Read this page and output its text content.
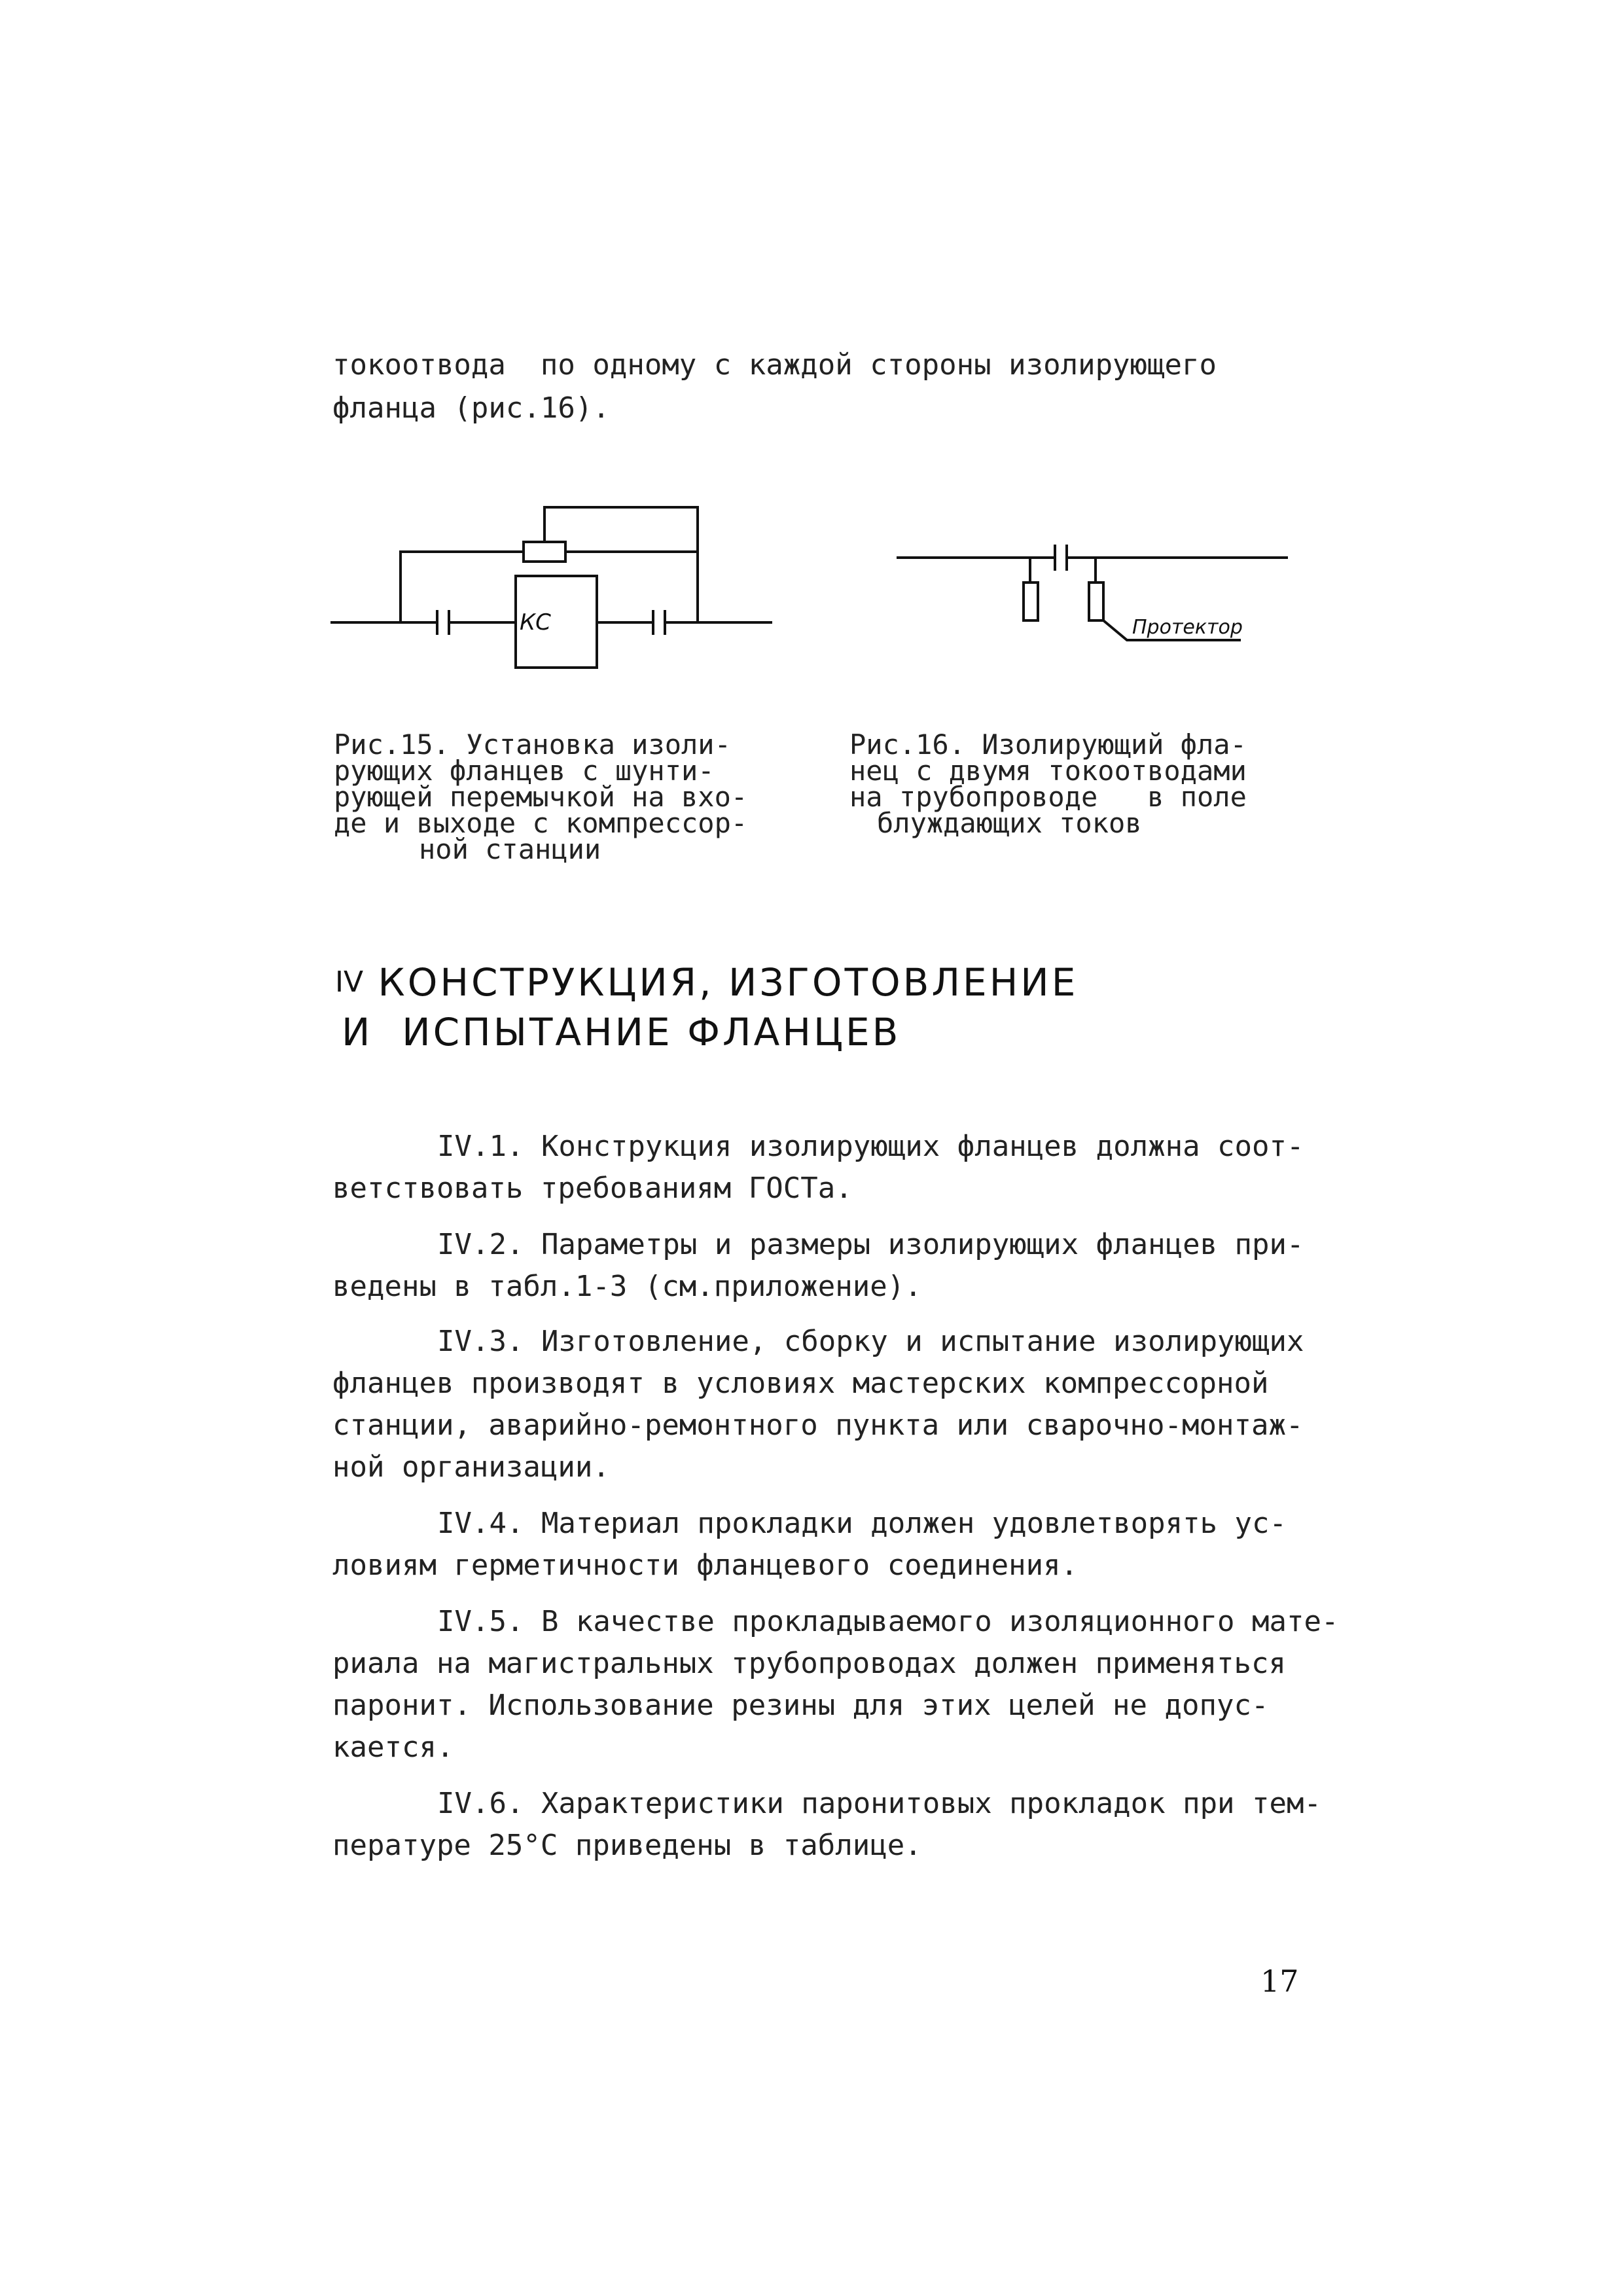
токоотвода  по одному с каждой стороны изолирующего
фланца (рис.16).
КС	Протектор
Рис.15. Установка изоли-
рующих фланцев с шунти-
рующей перемычкой на вхо-
де и выходе с компрессор-
ной станции
Рис.16. Изолирующий фла-
нец с двумя токоотводами
на трубопроводе   в поле
блуждающих токов
$^{IV}$ КОНСТРУКЦИЯ, ИЗГОТОВЛЕНИЕ
И ИСПЫТАНИЕ ФЛАНЦЕВ
IV.1. Конструкция изолирующих фланцев должна соот-
ветствовать требованиям ГОСТа.
IV.2. Параметры и размеры изолирующих фланцев при-
ведены в табл.1-3 (см.приложение).
IV.3. Изготовление, сборку и испытание изолирующих
фланцев производят в условиях мастерских компрессорной
станции, аварийно-ремонтного пункта или сварочно-монтаж-
ной организации.
IV.4. Материал прокладки должен удовлетворять ус-
ловиям герметичности фланцевого соединения.
IV.5. В качестве прокладываемого изоляционного мате-
риала на магистральных трубопроводах должен применяться
паронит. Использование резины для этих целей не допус-
кается.
IV.6. Характеристики паронитовых прокладок при тем-
пературе 25°С приведены в таблице.
17
